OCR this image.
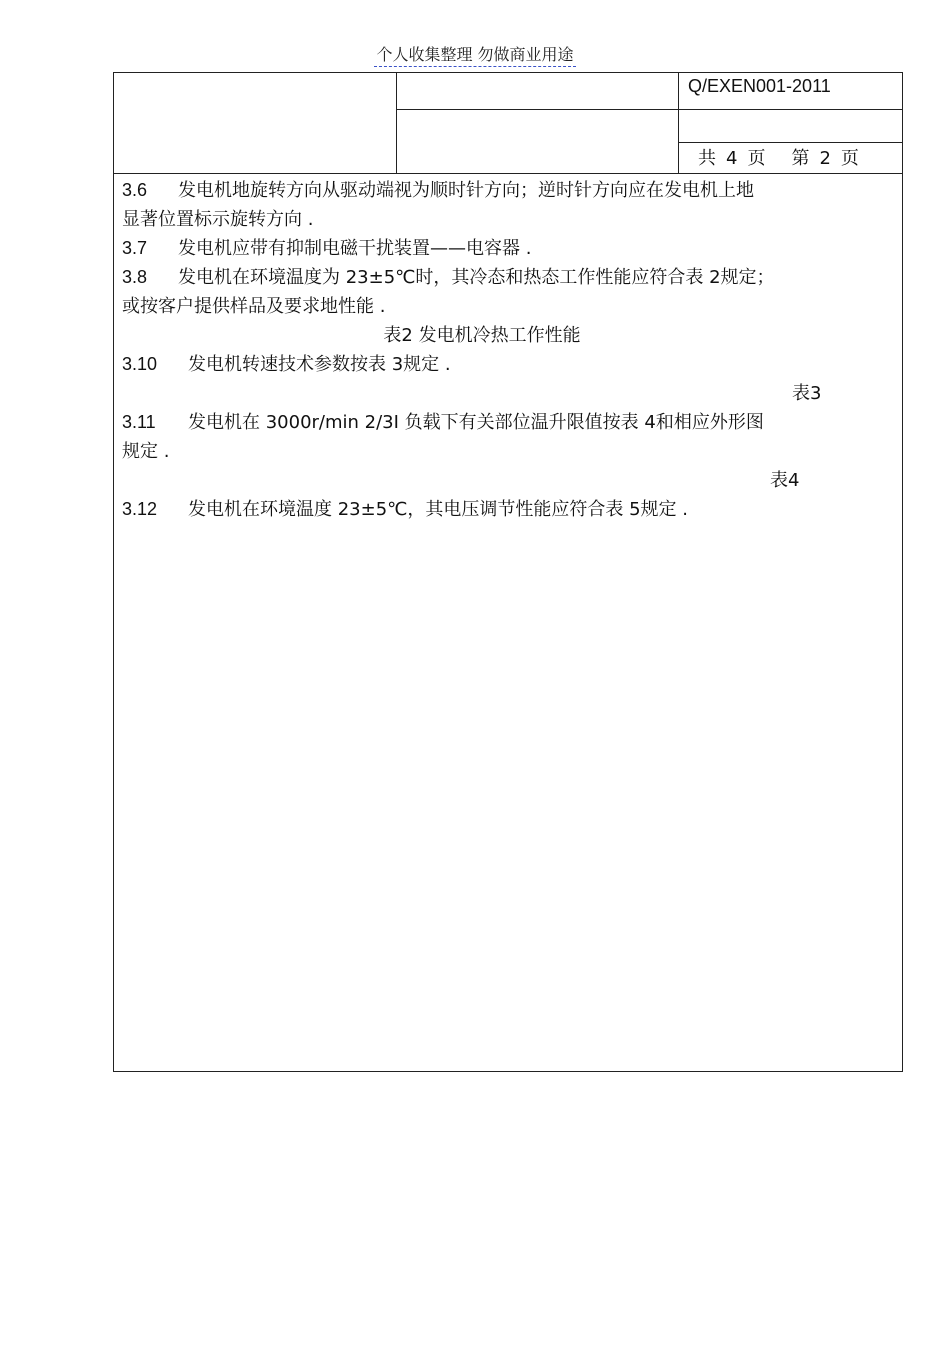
个人收集整理 勿做商业用途
Q/EXEN001-2011
共 4 页 第 2 页

3.6 发电机地旋转方向从驱动端视为顺时针方向；逆时针方向应在发电机上地

显著位置标示旋转方向 .

3.7 发电机应带有抑制电磁干扰装置——电容器 .

3.8 发电机在环境温度为 23±5℃时，其冷态和热态工作性能应符合表 2规定；

或按客户提供样品及要求地性能 .

表2 发电机冷热工作性能

3.10 发电机转速技术参数按表 3规定 .

表3

3.11 发电机在 3000r/min 2/3I 负载下有关部位温升限值按表 4和相应外形图

规定 .

表4

3.12 发电机在环境温度 23±5℃，其电压调节性能应符合表 5规定 .
